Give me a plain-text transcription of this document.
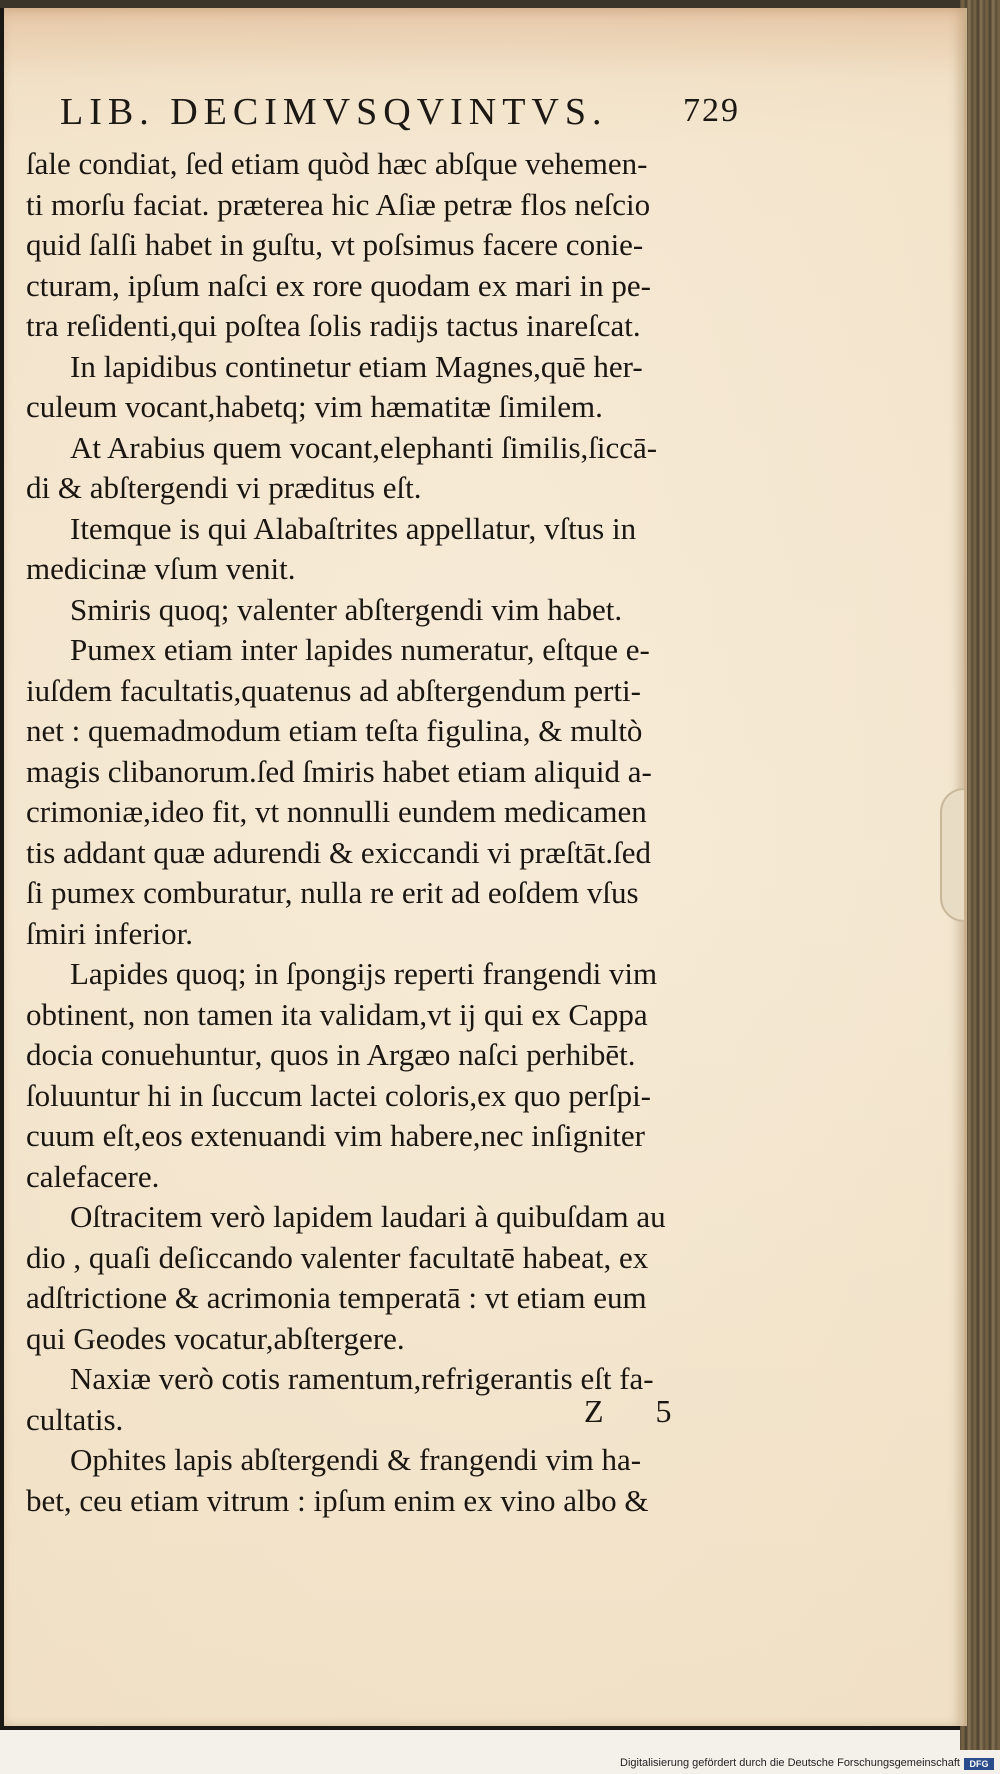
LIB. DECIMVSQVINTVS. 729
ſale condiat, ſed etiam quòd hæc abſque vehemen-
ti morſu faciat. præterea hic Aſiæ petræ flos neſcio
quid ſalſi habet in guſtu, vt poſsimus facere conie-
cturam, ipſum naſci ex rore quodam ex mari in pe-
tra reſidenti,qui poſtea ſolis radijs tactus inareſcat.
In lapidibus continetur etiam Magnes,quē her-
culeum vocant,habetq; vim hæmatitæ ſimilem.
At Arabius quem vocant,elephanti ſimilis,ſiccā-
di & abſtergendi vi præditus eſt.
Itemque is qui Alabaſtrites appellatur, vſtus in
medicinæ vſum venit.
Smiris quoq; valenter abſtergendi vim habet.
Pumex etiam inter lapides numeratur, eſtque e-
iuſdem facultatis,quatenus ad abſtergendum perti-
net : quemadmodum etiam teſta figulina, & multò
magis clibanorum.ſed ſmiris habet etiam aliquid a-
crimoniæ,ideo fit, vt nonnulli eundem medicamen
tis addant quæ adurendi & exiccandi vi præſtāt.ſed
ſi pumex comburatur, nulla re erit ad eoſdem vſus
ſmiri inferior.
Lapides quoq; in ſpongijs reperti frangendi vim
obtinent, non tamen ita validam,vt ij qui ex Cappa
docia conuehuntur, quos in Argæo naſci perhibēt.
ſoluuntur hi in ſuccum lactei coloris,ex quo perſpi-
cuum eſt,eos extenuandi vim habere,nec inſigniter
calefacere.
Oſtracitem verò lapidem laudari à quibuſdam au
dio , quaſi deſiccando valenter facultatē habeat, ex
adſtrictione & acrimonia temperatā : vt etiam eum
qui Geodes vocatur,abſtergere.
Naxiæ verò cotis ramentum,refrigerantis eſt fa-
cultatis.
Ophites lapis abſtergendi & frangendi vim ha-
bet, ceu etiam vitrum : ipſum enim ex vino albo &
Z 5
Digitalisierung gefördert durch die Deutsche Forschungsgemeinschaft	DFG
